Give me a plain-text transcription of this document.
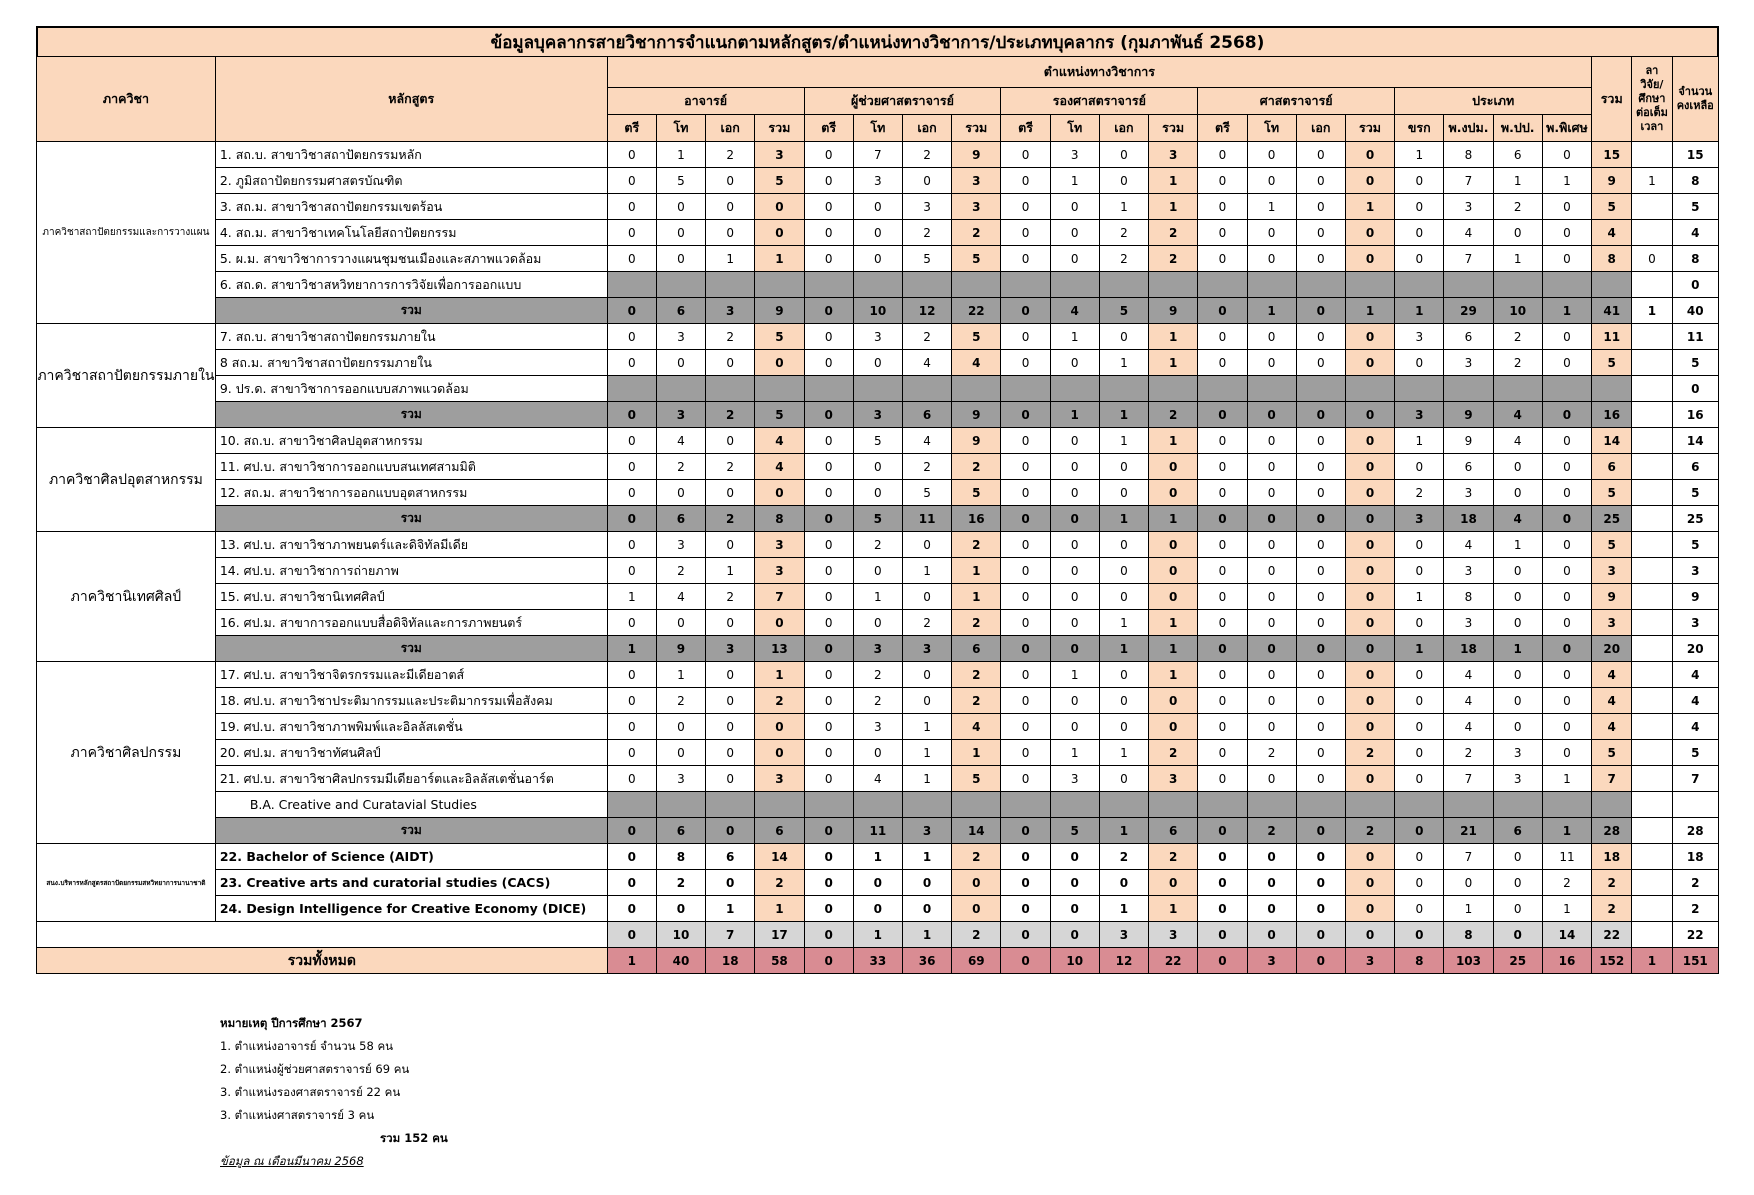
ข้อมูลบุคลากรสายวิชาการจำแนกตามหลักสูตร/ตำแหน่งทางวิชาการ/ประเภทบุคลากร (กุมภาพันธ์ 2568)
ภาควิชา	หลักสูตร	ตำแหน่งทางวิชาการ																				รวม	ลา วิจัย/ศึกษา ต่อเต็มเวลา	จำนวน คงเหลือ
		อาจารย์				ผู้ช่วยศาสตราจารย์				รองศาสตราจารย์				ศาสตราจารย์				ประเภท						
		ตรี	โท	เอก	รวม	ตรี	โท	เอก	รวม	ตรี	โท	เอก	รวม	ตรี	โท	เอก	รวม	ขรก	พ.งปม.	พ.ปป.	พ.พิเศษ			
ภาควิชาสถาปัตยกรรมและการวางแผน	1. สถ.บ. สาขาวิชาสถาปัตยกรรมหลัก	0	1	2	3	0	7	2	9	0	3	0	3	0	0	0	0	1	8	6	0	15		15
	2. ภูมิสถาปัตยกรรมศาสตรบัณฑิต	0	5	0	5	0	3	0	3	0	1	0	1	0	0	0	0	0	7	1	1	9	1	8
	3. สถ.ม. สาขาวิชาสถาปัตยกรรมเขตร้อน	0	0	0	0	0	0	3	3	0	0	1	1	0	1	0	1	0	3	2	0	5		5
	4. สถ.ม. สาขาวิชาเทคโนโลยีสถาปัตยกรรม	0	0	0	0	0	0	2	2	0	0	2	2	0	0	0	0	0	4	0	0	4		4
	5. ผ.ม. สาขาวิชาการวางแผนชุมชนเมืองและสภาพแวดล้อม	0	0	1	1	0	0	5	5	0	0	2	2	0	0	0	0	0	7	1	0	8	0	8
	6. สถ.ด. สาขาวิชาสหวิทยาการการวิจัยเพื่อการออกแบบ																							0
	รวม	0	6	3	9	0	10	12	22	0	4	5	9	0	1	0	1	1	29	10	1	41	1	40
ภาควิชาสถาปัตยกรรมภายใน	7. สถ.บ. สาขาวิชาสถาปัตยกรรมภายใน	0	3	2	5	0	3	2	5	0	1	0	1	0	0	0	0	3	6	2	0	11		11
	8 สถ.ม. สาขาวิชาสถาปัตยกรรมภายใน	0	0	0	0	0	0	4	4	0	0	1	1	0	0	0	0	0	3	2	0	5		5
	9. ปร.ด. สาขาวิชาการออกแบบสภาพแวดล้อม																							0
	รวม	0	3	2	5	0	3	6	9	0	1	1	2	0	0	0	0	3	9	4	0	16		16
ภาควิชาศิลปอุตสาหกรรม	10. สถ.บ. สาขาวิชาศิลปอุตสาหกรรม	0	4	0	4	0	5	4	9	0	0	1	1	0	0	0	0	1	9	4	0	14		14
	11. ศป.บ. สาขาวิชาการออกแบบสนเทศสามมิติ	0	2	2	4	0	0	2	2	0	0	0	0	0	0	0	0	0	6	0	0	6		6
	12. สถ.ม. สาขาวิชาการออกแบบอุตสาหกรรม	0	0	0	0	0	0	5	5	0	0	0	0	0	0	0	0	2	3	0	0	5		5
	รวม	0	6	2	8	0	5	11	16	0	0	1	1	0	0	0	0	3	18	4	0	25		25
ภาควิชานิเทศศิลป์	13. ศป.บ. สาขาวิชาภาพยนตร์และดิจิทัลมีเดีย	0	3	0	3	0	2	0	2	0	0	0	0	0	0	0	0	0	4	1	0	5		5
	14. ศป.บ. สาขาวิชาการถ่ายภาพ	0	2	1	3	0	0	1	1	0	0	0	0	0	0	0	0	0	3	0	0	3		3
	15. ศป.บ. สาขาวิชานิเทศศิลป์	1	4	2	7	0	1	0	1	0	0	0	0	0	0	0	0	1	8	0	0	9		9
	16. ศป.ม. สาขาการออกแบบสื่อดิจิทัลและการภาพยนตร์	0	0	0	0	0	0	2	2	0	0	1	1	0	0	0	0	0	3	0	0	3		3
	รวม	1	9	3	13	0	3	3	6	0	0	1	1	0	0	0	0	1	18	1	0	20		20
ภาควิชาศิลปกรรม	17. ศป.บ. สาขาวิชาจิตรกรรมและมีเดียอาตส์	0	1	0	1	0	2	0	2	0	1	0	1	0	0	0	0	0	4	0	0	4		4
	18. ศป.บ. สาขาวิชาประติมากรรมและประติมากรรมเพื่อสังคม	0	2	0	2	0	2	0	2	0	0	0	0	0	0	0	0	0	4	0	0	4		4
	19. ศป.บ. สาขาวิชาภาพพิมพ์และอิลลัสเตชั่น	0	0	0	0	0	3	1	4	0	0	0	0	0	0	0	0	0	4	0	0	4		4
	20. ศป.ม. สาขาวิชาทัศนศิลป์	0	0	0	0	0	0	1	1	0	1	1	2	0	2	0	2	0	2	3	0	5		5
	21. ศป.บ. สาขาวิชาศิลปกรรมมีเดียอาร์ตและอิลลัสเตชั่นอาร์ต	0	3	0	3	0	4	1	5	0	3	0	3	0	0	0	0	0	7	3	1	7		7
	B.A. Creative and Curatavial Studies																							
	รวม	0	6	0	6	0	11	3	14	0	5	1	6	0	2	0	2	0	21	6	1	28		28
สนง.บริหารหลักสูตรสถาปัตยกรรมสหวิทยาการนานาชาติ	22. Bachelor of Science (AIDT)	0	8	6	14	0	1	1	2	0	0	2	2	0	0	0	0	0	7	0	11	18		18
	23. Creative arts and curatorial studies (CACS)	0	2	0	2	0	0	0	0	0	0	0	0	0	0	0	0	0	0	0	2	2		2
	24. Design Intelligence for Creative Economy (DICE)	0	0	1	1	0	0	0	0	0	0	1	1	0	0	0	0	0	1	0	1	2		2
		0	10	7	17	0	1	1	2	0	0	3	3	0	0	0	0	0	8	0	14	22		22
รวมทั้งหมด		1	40	18	58	0	33	36	69	0	10	12	22	0	3	0	3	8	103	25	16	152	1	151
หมายเหตุ ปีการศึกษา 2567
1. ตำแหน่งอาจารย์ จำนวน 58 คน
2. ตำแหน่งผู้ช่วยศาสตราจารย์ 69 คน
3. ตำแหน่งรองศาสตราจารย์ 22 คน
3. ตำแหน่งศาสตราจารย์ 3 คน
รวม 152 คน
ข้อมูล ณ เดือนมีนาคม 2568
